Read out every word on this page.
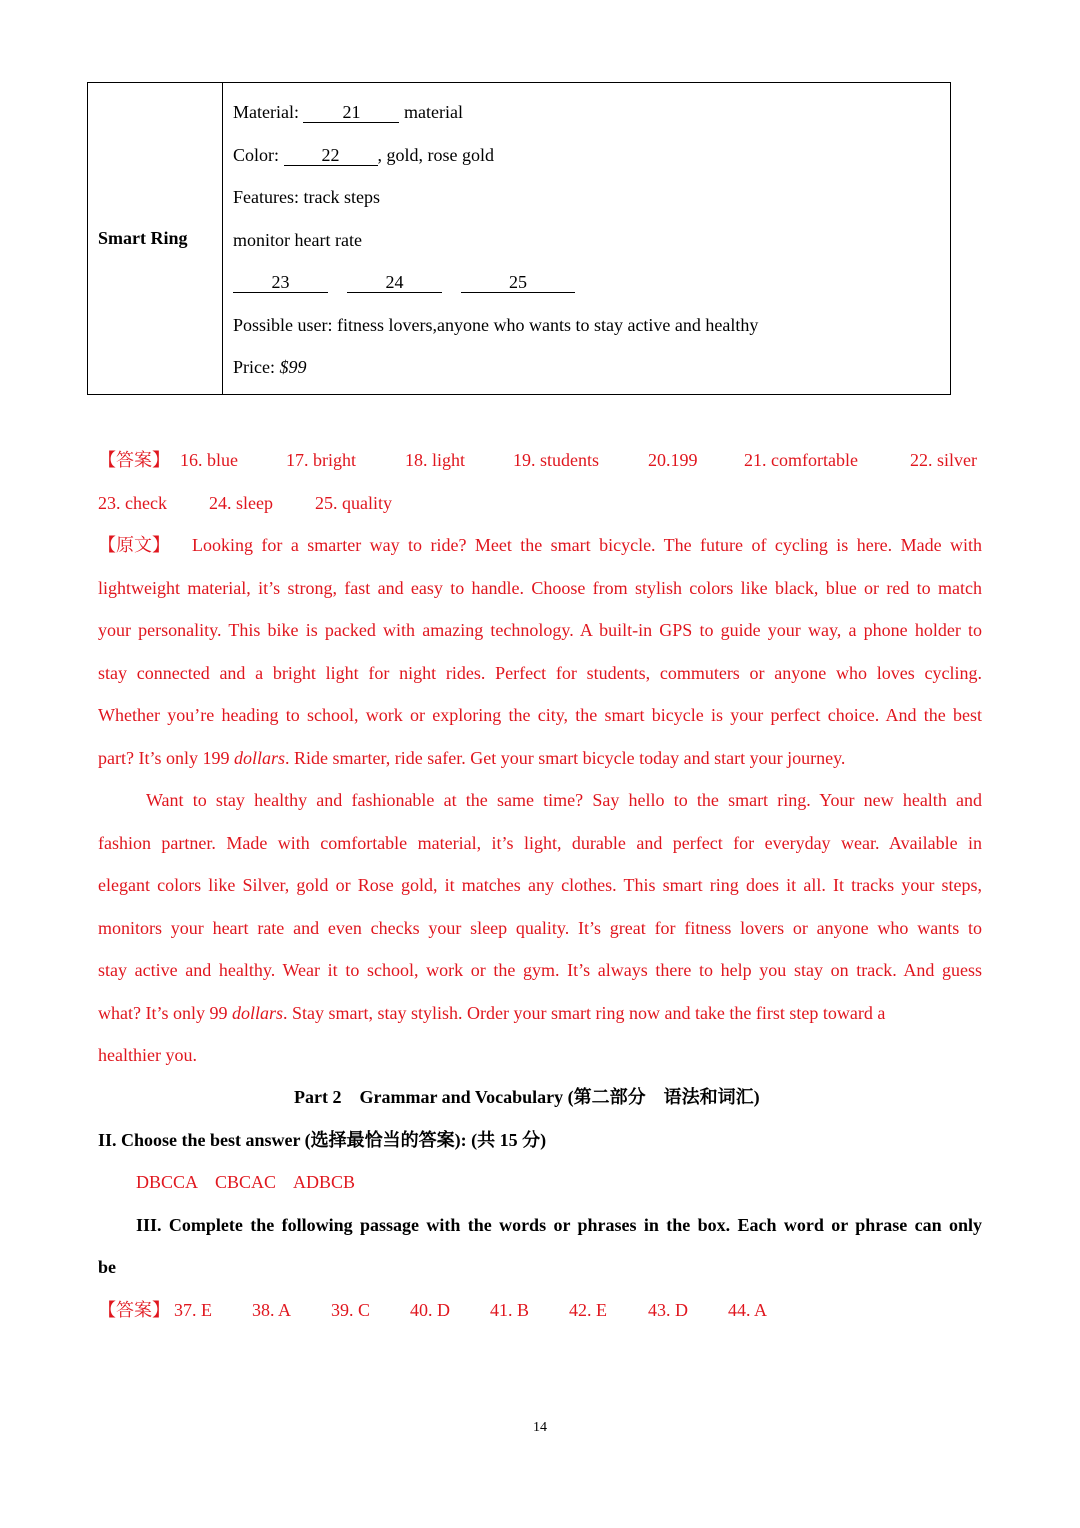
Smart Ring
Material: 21 material
Color: 22 , gold, rose gold
Features: track steps
monitor heart rate
23	24	25
Possible user: fitness lovers,anyone who wants to stay active and healthy
Price: $99
【答案】 16. blue	17. bright	18. light	19. students	20.199	21. comfortable	22. silver
23. check 24. sleep 25. quality
【原文】 Looking for a smarter way to ride? Meet the smart bicycle. The future of cycling is here. Made with
lightweight material, it’s strong, fast and easy to handle. Choose from stylish colors like black, blue or red to match
your personality. This bike is packed with amazing technology. A built-in GPS to guide your way, a phone holder to
stay connected and a bright light for night rides. Perfect for students, commuters or anyone who loves cycling.
Whether you’re heading to school, work or exploring the city, the smart bicycle is your perfect choice. And the best
part? It’s only 199 dollars. Ride smarter, ride safer. Get your smart bicycle today and start your journey.
Want to stay healthy and fashionable at the same time? Say hello to the smart ring. Your new health and
fashion partner. Made with comfortable material, it’s light, durable and perfect for everyday wear. Available in
elegant colors like Silver, gold or Rose gold, it matches any clothes. This smart ring does it all. It tracks your steps,
monitors your heart rate and even checks your sleep quality. It’s great for fitness lovers or anyone who wants to
stay active and healthy. Wear it to school, work or the gym. It’s always there to help you stay on track. And guess
what? It’s only 99 dollars. Stay smart, stay stylish. Order your smart ring now and take the first step toward a
healthier you.
Part 2    Grammar and Vocabulary (第二部分    语法和词汇)
II. Choose the best answer (选择最恰当的答案): (共 15 分)
DBCCA    CBCAC    ADBCB
III. Complete the following passage with the words or phrases in the box. Each word or phrase can only
be
【答案】 37. E 38. A 39. C 40. D 41. B 42. E 43. D 44. A
14
